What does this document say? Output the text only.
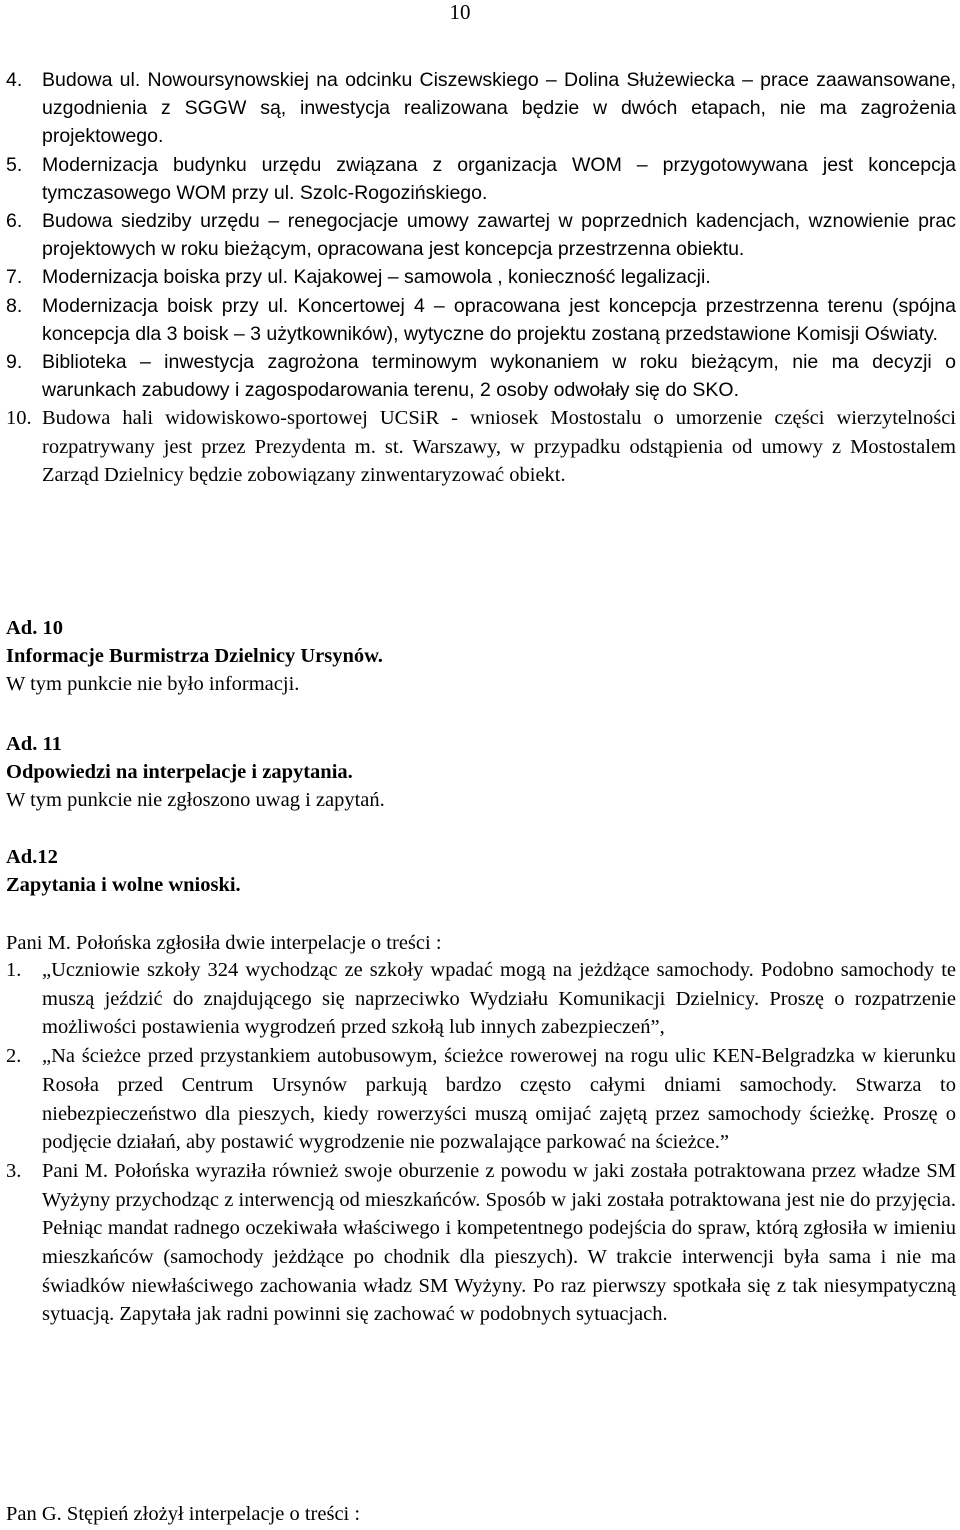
10
4. Budowa ul. Nowoursynowskiej na odcinku Ciszewskiego – Dolina Służewiecka – prace zaawansowane, uzgodnienia z SGGW są, inwestycja realizowana będzie w dwóch etapach, nie ma zagrożenia projektowego.
5. Modernizacja budynku urzędu związana z organizacja WOM – przygotowywana jest koncepcja tymczasowego WOM przy ul. Szolc-Rogozińskiego.
6. Budowa siedziby urzędu – renegocjacje umowy zawartej w poprzednich kadencjach, wznowienie prac projektowych w roku bieżącym, opracowana jest koncepcja przestrzenna obiektu.
7. Modernizacja boiska przy ul. Kajakowej – samowola , konieczność legalizacji.
8. Modernizacja boisk przy ul. Koncertowej 4 – opracowana jest koncepcja przestrzenna terenu (spójna koncepcja dla 3 boisk – 3 użytkowników), wytyczne do projektu zostaną przedstawione Komisji Oświaty.
9. Biblioteka – inwestycja zagrożona terminowym wykonaniem w roku bieżącym, nie ma decyzji o warunkach zabudowy i zagospodarowania terenu, 2 osoby odwołały się do SKO.
10. Budowa hali widowiskowo-sportowej UCSiR - wniosek Mostostalu o umorzenie części wierzytelności rozpatrywany jest przez Prezydenta m. st. Warszawy, w przypadku odstąpienia od umowy z Mostostalem Zarząd Dzielnicy będzie zobowiązany zinwentaryzować obiekt.
Ad. 10
Informacje Burmistrza Dzielnicy Ursynów.
W tym punkcie nie było informacji.
Ad. 11
Odpowiedzi na interpelacje i zapytania.
W tym punkcie nie zgłoszono uwag i zapytań.
Ad.12
Zapytania i wolne wnioski.
Pani M. Połońska zgłosiła dwie interpelacje o treści :
1. „Uczniowie szkoły 324 wychodząc ze szkoły wpadać mogą na jeżdżące samochody. Podobno samochody te muszą jeździć do znajdującego się naprzeciwko Wydziału Komunikacji Dzielnicy. Proszę o rozpatrzenie możliwości postawienia wygrodzeń przed szkołą lub innych zabezpieczeń”,
2. „Na ścieżce przed przystankiem autobusowym, ścieżce rowerowej na rogu ulic KEN-Belgradzka w kierunku Rosoła przed Centrum Ursynów parkują bardzo często całymi dniami samochody. Stwarza to niebezpieczeństwo dla pieszych, kiedy rowerzyści muszą omijać zajętą przez samochody ścieżkę. Proszę o podjęcie działań, aby postawić wygrodzenie nie pozwalające parkować na ścieżce.”
3. Pani M. Połońska wyraziła również swoje oburzenie z powodu w jaki została potraktowana przez władze SM Wyżyny przychodząc z interwencją od mieszkańców. Sposób w jaki została potraktowana jest nie do przyjęcia. Pełniąc mandat radnego oczekiwała właściwego i kompetentnego podejścia do spraw, którą zgłosiła w imieniu mieszkańców (samochody jeżdżące po chodnik dla pieszych). W trakcie interwencji była sama i nie ma świadków niewłaściwego zachowania władz SM Wyżyny. Po raz pierwszy spotkała się z tak niesympatyczną sytuacją. Zapytała jak radni powinni się zachować w podobnych sytuacjach.
Pan G. Stępień złożył interpelacje o treści :
